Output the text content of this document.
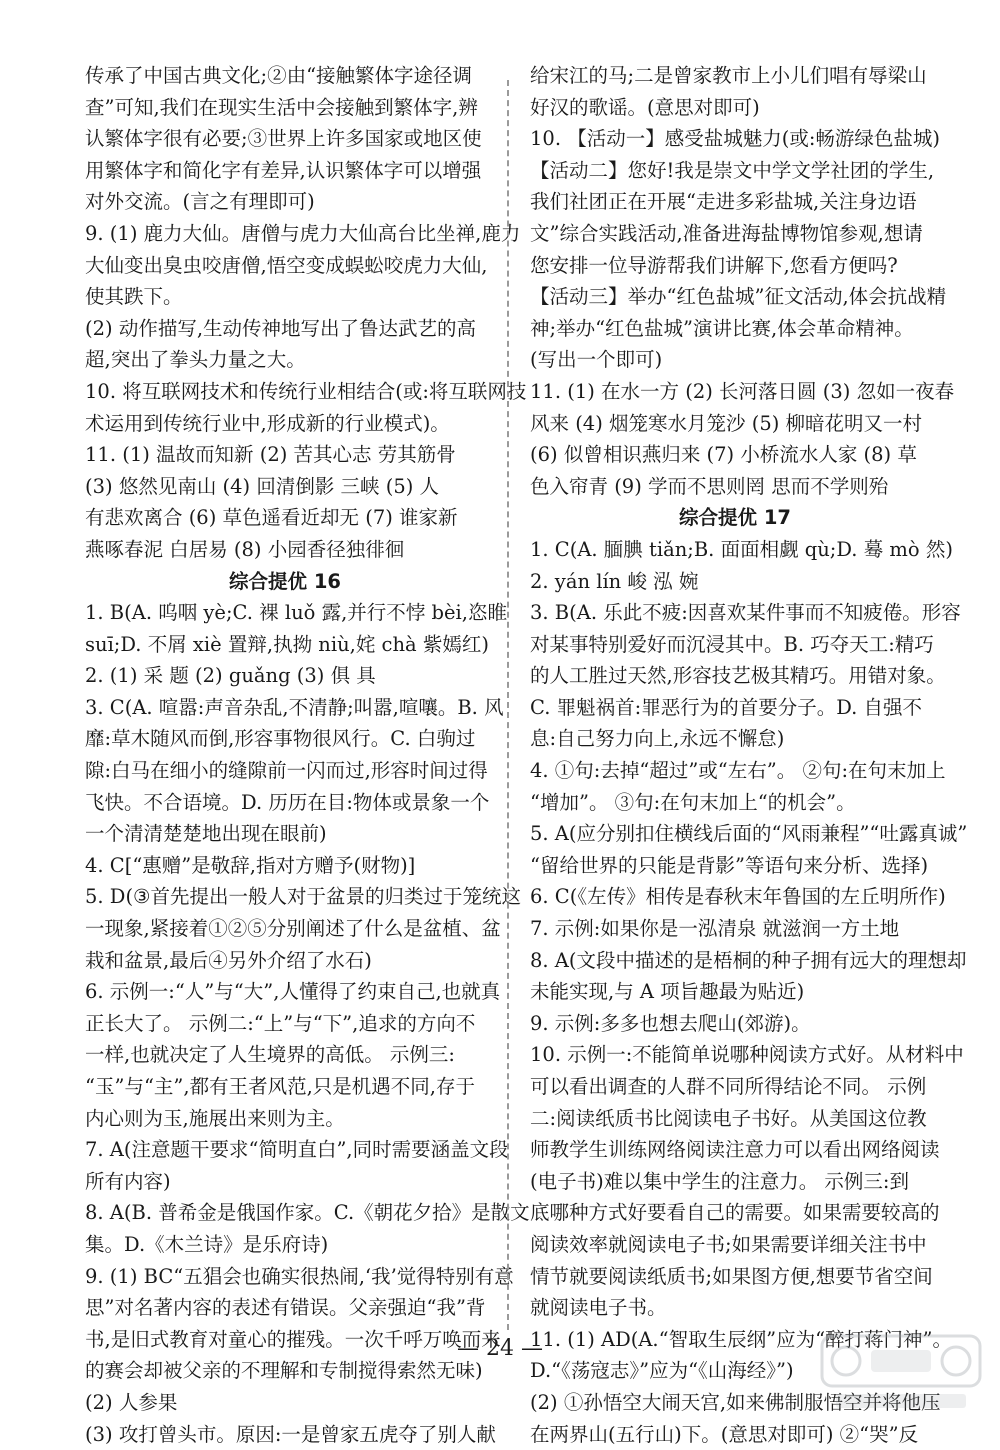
传承了中国古典文化;②由“接触繁体字途径调

查”可知,我们在现实生活中会接触到繁体字,辨

认繁体字很有必要;③世界上许多国家或地区使

用繁体字和简化字有差异,认识繁体字可以增强

对外交流。(言之有理即可)

9. (1) 鹿力大仙。唐僧与虎力大仙高台比坐禅,鹿力

大仙变出臭虫咬唐僧,悟空变成蜈蚣咬虎力大仙,

使其跌下。

(2) 动作描写,生动传神地写出了鲁达武艺的高

超,突出了拳头力量之大。

10. 将互联网技术和传统行业相结合(或:将互联网技

术运用到传统行业中,形成新的行业模式)。

11. (1) 温故而知新 (2) 苦其心志 劳其筋骨

(3) 悠然见南山 (4) 回清倒影 三峡 (5) 人

有悲欢离合 (6) 草色遥看近却无 (7) 谁家新

燕啄春泥 白居易 (8) 小园香径独徘徊

综合提优 16

1. B(A. 呜咽 yè;C. 裸 luǒ 露,并行不悖 bèi,恣睢

suī;D. 不屑 xiè 置辩,执拗 niù,姹 chà 紫嫣红)

2. (1) 采 题 (2) guǎng (3) 俱 具

3. C(A. 喧嚣:声音杂乱,不清静;叫嚣,喧嚷。B. 风

靡:草木随风而倒,形容事物很风行。C. 白驹过

隙:白马在细小的缝隙前一闪而过,形容时间过得

飞快。不合语境。D. 历历在目:物体或景象一个

一个清清楚楚地出现在眼前)

4. C[“惠赠”是敬辞,指对方赠予(财物)]

5. D(③首先提出一般人对于盆景的归类过于笼统这

一现象,紧接着①②⑤分别阐述了什么是盆植、盆

栽和盆景,最后④另外介绍了水石)

6. 示例一:“人”与“大”,人懂得了约束自己,也就真

正长大了。 示例二:“上”与“下”,追求的方向不

一样,也就决定了人生境界的高低。 示例三:

“玉”与“主”,都有王者风范,只是机遇不同,存于

内心则为玉,施展出来则为主。

7. A(注意题干要求“简明直白”,同时需要涵盖文段

所有内容)

8. A(B. 普希金是俄国作家。C.《朝花夕拾》是散文

集。D.《木兰诗》是乐府诗)

9. (1) BC“五猖会也确实很热闹,‘我’觉得特别有意

思”对名著内容的表述有错误。父亲强迫“我”背

书,是旧式教育对童心的摧残。一次千呼万唤而来

的赛会却被父亲的不理解和专制搅得索然无味)

(2) 人参果

(3) 攻打曾头市。原因:一是曾家五虎夺了别人献

给宋江的马;二是曾家教市上小儿们唱有辱梁山

好汉的歌谣。(意思对即可)

10. 【活动一】感受盐城魅力(或:畅游绿色盐城)

【活动二】您好!我是崇文中学文学社团的学生,

我们社团正在开展“走进多彩盐城,关注身边语

文”综合实践活动,准备进海盐博物馆参观,想请

您安排一位导游帮我们讲解下,您看方便吗?

【活动三】举办“红色盐城”征文活动,体会抗战精

神;举办“红色盐城”演讲比赛,体会革命精神。

(写出一个即可)

11. (1) 在水一方 (2) 长河落日圆 (3) 忽如一夜春

风来 (4) 烟笼寒水月笼沙 (5) 柳暗花明又一村

(6) 似曾相识燕归来 (7) 小桥流水人家 (8) 草

色入帘青 (9) 学而不思则罔 思而不学则殆

综合提优 17

1. C(A. 腼腆 tiǎn;B. 面面相觑 qù;D. 蓦 mò 然)

2. yán lín 峻 泓 婉

3. B(A. 乐此不疲:因喜欢某件事而不知疲倦。形容

对某事特别爱好而沉浸其中。B. 巧夺天工:精巧

的人工胜过天然,形容技艺极其精巧。用错对象。

C. 罪魁祸首:罪恶行为的首要分子。D. 自强不

息:自己努力向上,永远不懈怠)

4. ①句:去掉“超过”或“左右”。 ②句:在句末加上

“增加”。 ③句:在句末加上“的机会”。

5. A(应分别扣住横线后面的“风雨兼程”“吐露真诚”

“留给世界的只能是背影”等语句来分析、选择)

6. C(《左传》相传是春秋末年鲁国的左丘明所作)

7. 示例:如果你是一泓清泉 就滋润一方土地

8. A(文段中描述的是梧桐的种子拥有远大的理想却

未能实现,与 A 项旨趣最为贴近)

9. 示例:多多也想去爬山(郊游)。

10. 示例一:不能简单说哪种阅读方式好。从材料中

可以看出调查的人群不同所得结论不同。 示例

二:阅读纸质书比阅读电子书好。从美国这位教

师教学生训练网络阅读注意力可以看出网络阅读

(电子书)难以集中学生的注意力。 示例三:到

底哪种方式好要看自己的需要。如果需要较高的

阅读效率就阅读电子书;如果需要详细关注书中

情节就要阅读纸质书;如果图方便,想要节省空间

就阅读电子书。

11. (1) AD(A.“智取生辰纲”应为“醉打蒋门神”。

D.“《荡寇志》”应为“《山海经》”)

(2) ①孙悟空大闹天宫,如来佛制服悟空并将他压

在两界山(五行山)下。(意思对即可) ②“哭”反

— 24 —
